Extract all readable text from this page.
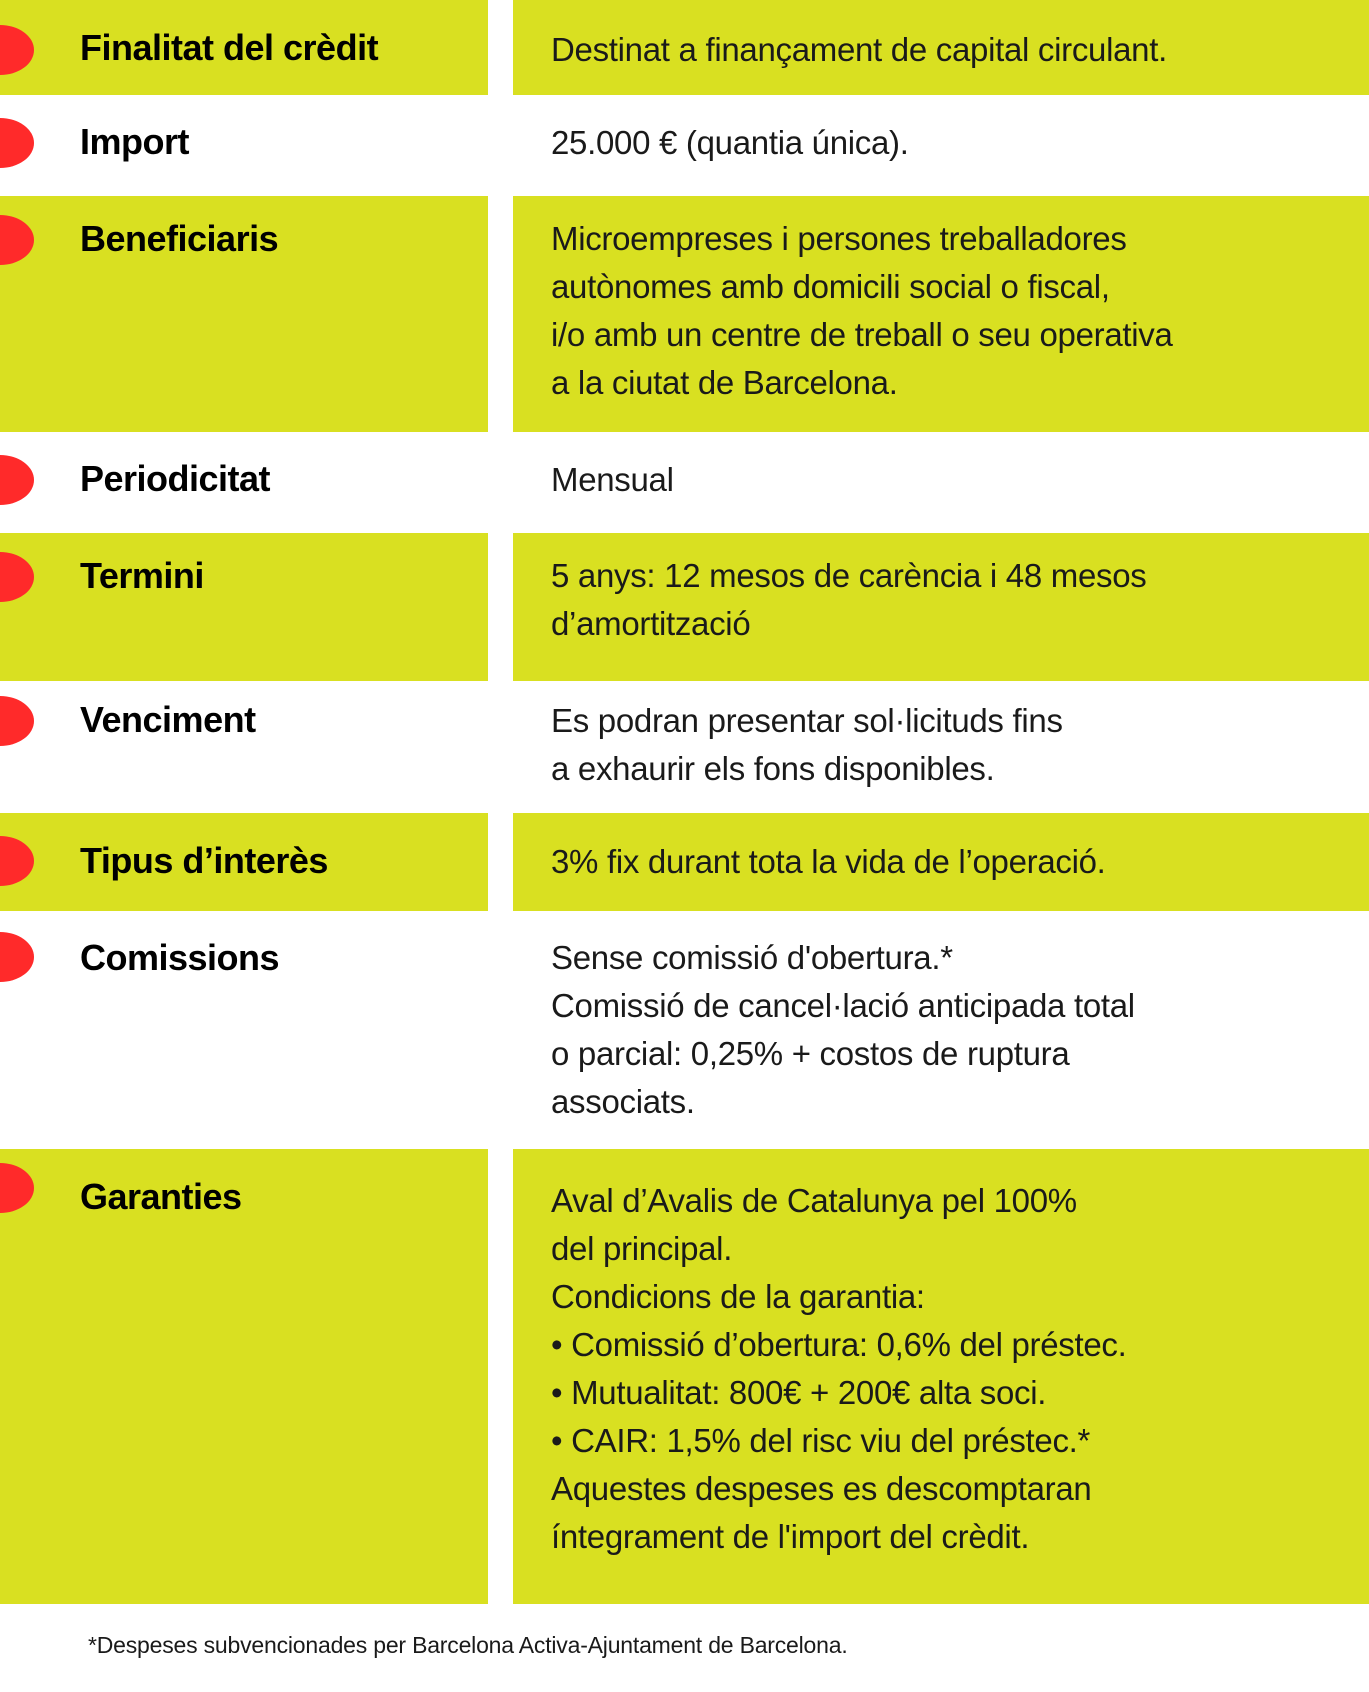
Finalitat del crèdit	Destinat a finançament de capital circulant.
Import	25.000 € (quantia única).
Beneficiaris	Microempreses i persones treballadores
autònomes amb domicili social o fiscal,
i/o amb un centre de treball o seu operativa
a la ciutat de Barcelona.
Periodicitat	Mensual
Termini	5 anys: 12 mesos de carència i 48 mesos
d’amortització
Venciment	Es podran presentar sol·licituds fins
a exhaurir els fons disponibles.
Tipus d’interès	3% fix durant tota la vida de l’operació.
Comissions	Sense comissió d'obertura.*
Comissió de cancel·lació anticipada total
o parcial: 0,25% + costos de ruptura
associats.
Garanties	Aval d’Avalis de Catalunya pel 100%
del principal.
Condicions de la garantia:
• Comissió d’obertura: 0,6% del préstec.
• Mutualitat: 800€ + 200€ alta soci.
• CAIR: 1,5% del risc viu del préstec.*
Aquestes despeses es descomptaran
íntegrament de l'import del crèdit.
*Despeses subvencionades per Barcelona Activa-Ajuntament de Barcelona.
